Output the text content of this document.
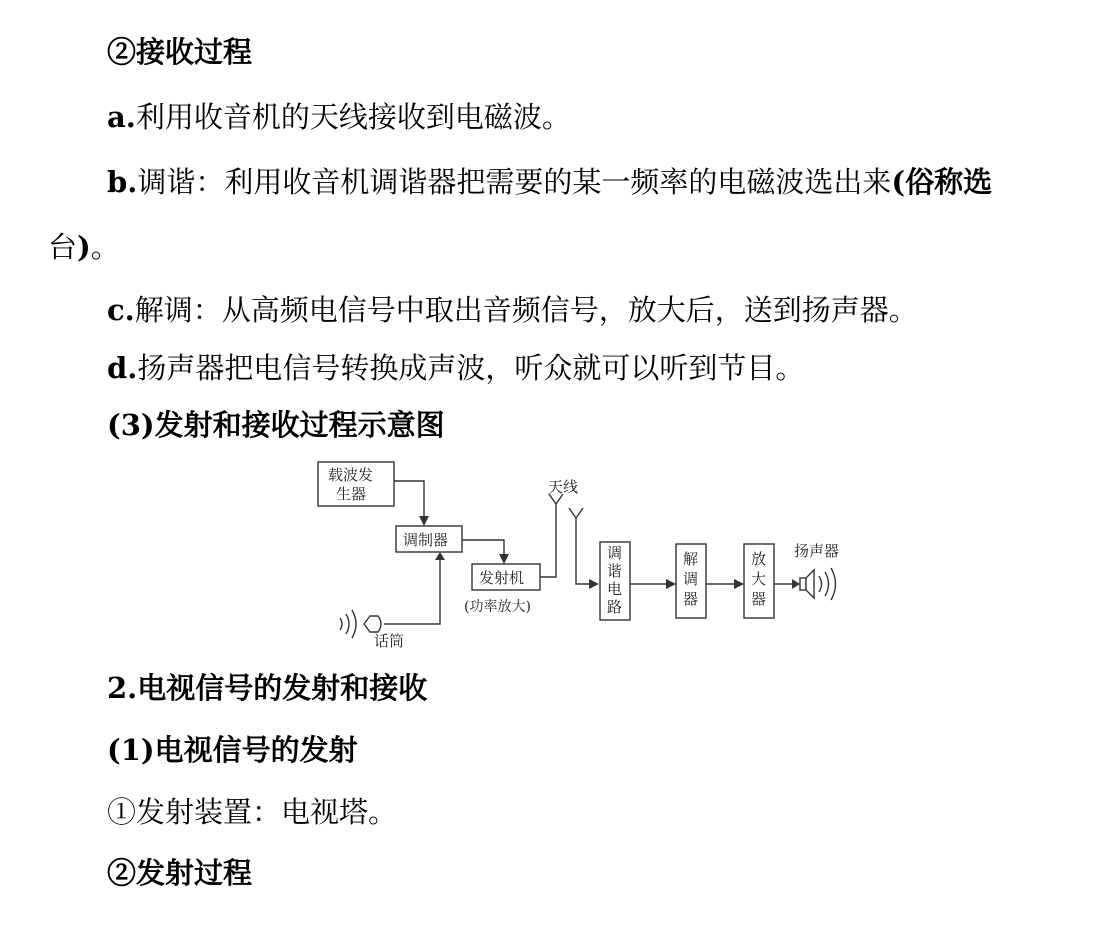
②接收过程
a.利用收音机的天线接收到电磁波。
b.调谐：利用收音机调谐器把需要的某一频率的电磁波选出来(俗称选
台)。
c.解调：从高频电信号中取出音频信号，放大后，送到扬声器。
d.扬声器把电信号转换成声波，听众就可以听到节目。
(3)发射和接收过程示意图
载波发
生器
调制器
发射机
(功率放大)
天线
话筒
调
谐
电
路
解
调
器
放
大
器
扬声器
2.电视信号的发射和接收
(1)电视信号的发射
①发射装置：电视塔。
②发射过程
